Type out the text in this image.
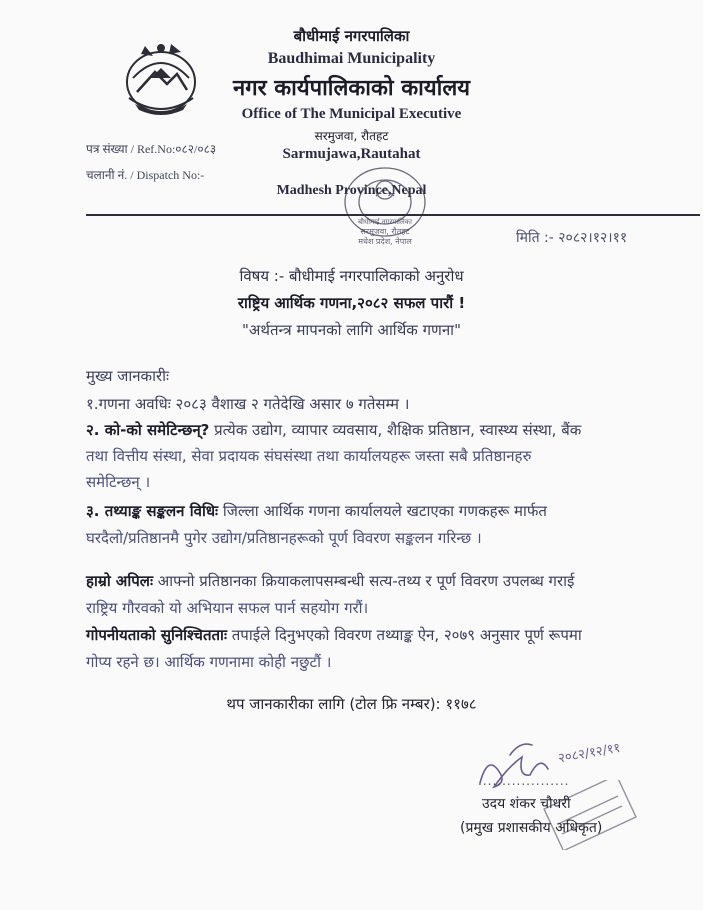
बौधीमाई नगरपालिका
Baudhimai Municipality
नगर कार्यपालिकाको कार्यालय
Office of The Municipal Executive
सरमुजवा, रौतहट
Sarmujawa,Rautahat
Madhesh Province,Nepal
पत्र संख्या / Ref.No:०८२/०८३
चलानी नं. / Dispatch No:-
मधेश प्रदेश, नेपाल
सरमुजवा, रौतहट
बौधीमाई नगरपालिका
मिति :- २०८२।१२।११
विषय :- बौधीमाई नगरपालिकाको अनुरोध
राष्ट्रिय आर्थिक गणना,२०८२ सफल पारौं !
"अर्थतन्त्र मापनको लागि आर्थिक गणना"
मुख्य जानकारीः
१.गणना अवधिः २०८३ वैशाख २ गतेदेखि असार ७ गतेसम्म ।
२. को-को समेटिन्छन्? प्रत्येक उद्योग, व्यापार व्यवसाय, शैक्षिक प्रतिष्ठान, स्वास्थ्य संस्था, बैंक
तथा वित्तीय संस्था, सेवा प्रदायक संघसंस्था तथा कार्यालयहरू जस्ता सबै प्रतिष्ठानहरु
समेटिन्छन् ।
३. तथ्याङ्क सङ्कलन विधिः जिल्ला आर्थिक गणना कार्यालयले खटाएका गणकहरू मार्फत
घरदैलो/प्रतिष्ठानमै पुगेर उद्योग/प्रतिष्ठानहरूको पूर्ण विवरण सङ्कलन गरिन्छ ।
हाम्रो अपिलः आफ्नो प्रतिष्ठानका क्रियाकलापसम्बन्धी सत्य-तथ्य र पूर्ण विवरण उपलब्ध गराई
राष्ट्रिय गौरवको यो अभियान सफल पार्न सहयोग गरौं।
गोपनीयताको सुनिश्चितताः तपाईले दिनुभएको विवरण तथ्याङ्क ऐन, २०७९ अनुसार पूर्ण रूपमा
गोप्य रहने छ। आर्थिक गणनामा कोही नछुटौं ।
थप जानकारीका लागि (टोल फ्रि नम्बर): ११७८
२०८२/१२/११
...................
उदय शंकर चौधरी
(प्रमुख प्रशासकीय अधिकृत)
